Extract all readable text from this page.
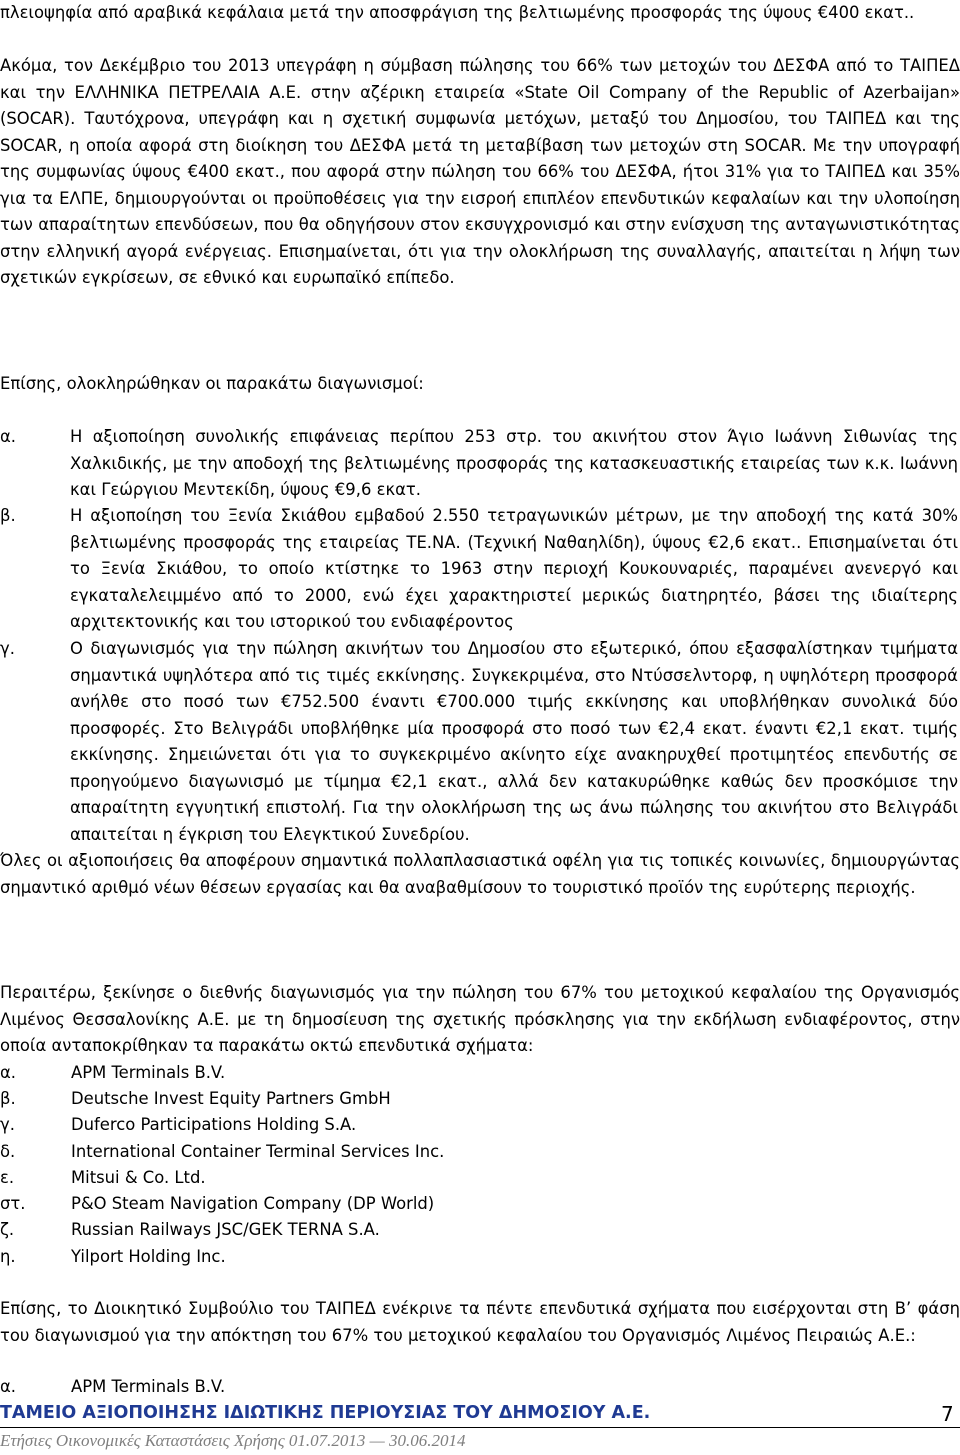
πλειοψηφία από αραβικά κεφάλαια μετά την αποσφράγιση της βελτιωμένης προσφοράς της ύψους €400 εκατ..

Ακόμα, τον Δεκέμβριο του 2013 υπεγράφη η σύμβαση πώλησης του 66% των μετοχών του ΔΕΣΦΑ από το ΤΑΙΠΕΔ και την ΕΛΛΗΝΙΚΑ ΠΕΤΡΕΛΑΙΑ Α.Ε. στην αζέρικη εταιρεία «State Oil Company of the Republic of Azerbaijan» (SOCAR). Ταυτόχρονα, υπεγράφη και η σχετική συμφωνία μετόχων, μεταξύ του Δημοσίου, του ΤΑΙΠΕΔ και της SOCAR, η οποία αφορά στη διοίκηση του ΔΕΣΦΑ μετά τη μεταβίβαση των μετοχών στη SOCAR. Με την υπογραφή της συμφωνίας ύψους €400 εκατ., που αφορά στην πώληση του 66% του ΔΕΣΦΑ, ήτοι 31% για το ΤΑΙΠΕΔ και 35% για τα ΕΛΠΕ, δημιουργούνται οι προϋποθέσεις για την εισροή επιπλέον επενδυτικών κεφαλαίων και την υλοποίηση των απαραίτητων επενδύσεων, που θα οδηγήσουν στον εκσυγχρονισμό και στην ενίσχυση της ανταγωνιστικότητας στην ελληνική αγορά ενέργειας. Επισημαίνεται, ότι για την ολοκλήρωση της συναλλαγής, απαιτείται η λήψη των σχετικών εγκρίσεων, σε εθνικό και ευρωπαϊκό επίπεδο.

Επίσης, ολοκληρώθηκαν οι παρακάτω διαγωνισμοί:

α.	Η αξιοποίηση συνολικής επιφάνειας περίπου 253 στρ. του ακινήτου στον Άγιο Ιωάννη Σιθωνίας της Χαλκιδικής, με την αποδοχή της βελτιωμένης προσφοράς της κατασκευαστικής εταιρείας των κ.κ. Ιωάννη και Γεώργιου Μεντεκίδη, ύψους €9,6 εκατ.

β.	Η αξιοποίηση του Ξενία Σκιάθου εμβαδού 2.550 τετραγωνικών μέτρων, με την αποδοχή της κατά 30% βελτιωμένης προσφοράς της εταιρείας ΤΕ.ΝΑ. (Τεχνική Ναθαηλίδη), ύψους €2,6 εκατ.. Επισημαίνεται ότι το Ξενία Σκιάθου, το οποίο κτίστηκε το 1963 στην περιοχή Κουκουναριές, παραμένει ανενεργό και εγκαταλελειμμένο από το 2000, ενώ έχει χαρακτηριστεί μερικώς διατηρητέο, βάσει της ιδιαίτερης αρχιτεκτονικής και του ιστορικού του ενδιαφέροντος

γ.	Ο διαγωνισμός για την πώληση ακινήτων του Δημοσίου στο εξωτερικό, όπου εξασφαλίστηκαν τιμήματα σημαντικά υψηλότερα από τις τιμές εκκίνησης. Συγκεκριμένα, στο Ντύσσελντορφ, η υψηλότερη προσφορά ανήλθε στο ποσό των €752.500 έναντι €700.000 τιμής εκκίνησης και υποβλήθηκαν συνολικά δύο προσφορές. Στο Βελιγράδι υποβλήθηκε μία προσφορά στο ποσό των €2,4 εκατ. έναντι €2,1 εκατ. τιμής εκκίνησης. Σημειώνεται ότι για το συγκεκριμένο ακίνητο είχε ανακηρυχθεί προτιμητέος επενδυτής σε προηγούμενο διαγωνισμό με τίμημα €2,1 εκατ., αλλά δεν κατακυρώθηκε καθώς δεν προσκόμισε την απαραίτητη εγγυητική επιστολή. Για την ολοκλήρωση της ως άνω πώλησης του ακινήτου στο Βελιγράδι απαιτείται η έγκριση του Ελεγκτικού Συνεδρίου.

Όλες οι αξιοποιήσεις θα αποφέρουν σημαντικά πολλαπλασιαστικά οφέλη για τις τοπικές κοινωνίες, δημιουργώντας σημαντικό αριθμό νέων θέσεων εργασίας και θα αναβαθμίσουν το τουριστικό προϊόν της ευρύτερης περιοχής.

Περαιτέρω, ξεκίνησε ο διεθνής διαγωνισμός για την πώληση του 67% του μετοχικού κεφαλαίου της Οργανισμός Λιμένος Θεσσαλονίκης Α.Ε. με τη δημοσίευση της σχετικής πρόσκλησης για την εκδήλωση ενδιαφέροντος, στην οποία ανταποκρίθηκαν τα παρακάτω οκτώ επενδυτικά σχήματα:

α.	APM Terminals B.V.
β.	Deutsche Invest Equity Partners GmbH
γ.	Duferco Participations Holding S.A.
δ.	International Container Terminal Services Inc.
ε.	Mitsui & Co. Ltd.
στ.	P&O Steam Navigation Company (DP World)
ζ.	Russian Railways JSC/GEK TERNA S.A.
η.	Yilport Holding Inc.

Επίσης, το Διοικητικό Συμβούλιο του ΤΑΙΠΕΔ ενέκρινε τα πέντε επενδυτικά σχήματα που εισέρχονται στη Β’ φάση του διαγωνισμού για την απόκτηση του 67% του μετοχικού κεφαλαίου του Οργανισμός Λιμένος Πειραιώς Α.Ε.:

α.	APM Terminals B.V.
ΤΑΜΕΙΟ ΑΞΙΟΠΟΙΗΣΗΣ ΙΔΙΩΤΙΚΗΣ ΠΕΡΙΟΥΣΙΑΣ ΤΟΥ ΔΗΜΟΣΙΟΥ Α.Ε.	7
Ετήσιες Οικονομικές Καταστάσεις Χρήσης 01.07.2013 — 30.06.2014
